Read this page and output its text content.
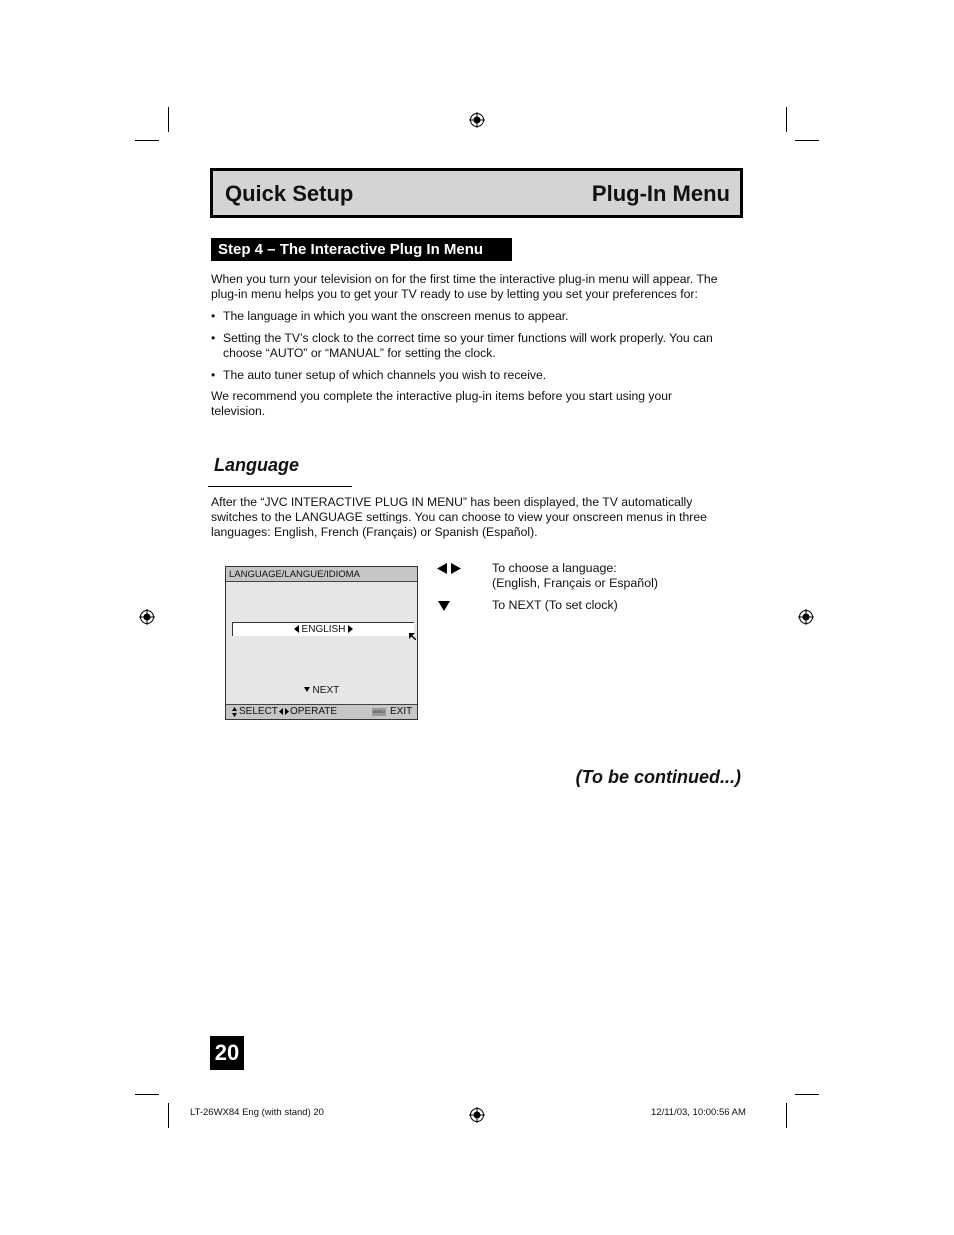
Quick Setup	Plug-In Menu
Step 4 – The Interactive Plug In Menu
When you turn your television on for the first time the interactive plug-in menu will appear. The
plug-in menu helps you to get your TV ready to use by letting you set your preferences for:
• The language in which you want the onscreen menus to appear.
• Setting the TV’s clock to the correct time so your timer functions will work properly. You can
choose “AUTO” or “MANUAL” for setting the clock.
• The auto tuner setup of which channels you wish to receive.
We recommend you complete the interactive plug-in items before you start using your
television.
Language
After the “JVC INTERACTIVE PLUG IN MENU” has been displayed, the TV automatically
switches to the LANGUAGE settings. You can choose to view your onscreen menus in three
languages: English, French (Français) or Spanish (Español).
LANGUAGE/LANGUE/IDIOMA
ENGLISH
NEXT
SELECT OPERATE	MENU EXIT
To choose a language:
(English, Français or Español)
To NEXT (To set clock)
(To be continued...)
20
LT-26WX84 Eng (with stand) 20	12/11/03, 10:00:56 AM
